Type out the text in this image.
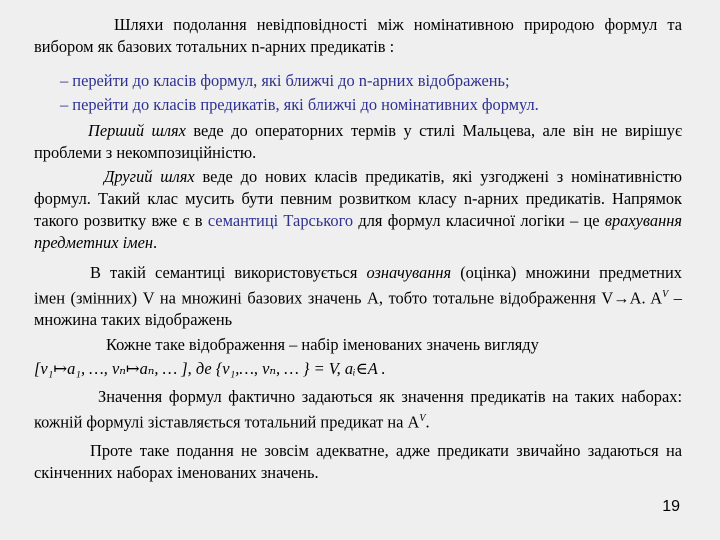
Шляхи подолання невідповідності між номінативною природою формул та вибором як базових тотальних n-арних предикатів :

– перейти до класів формул, які ближчі до n-арних відображень;

– перейти до класів предикатів, які ближчі до номінативних формул.

Перший шлях веде до операторних термів у стилі Мальцева, але він не вирішує проблеми з некомпозиційністю.

Другий шлях веде до нових класів предикатів, які узгоджені з номінативністю формул. Такий клас мусить бути певним розвитком класу n-арних предикатів. Напрямок такого розвитку вже є в семантиці Тарського для формул класичної логіки – це врахування предметних імен.

В такій семантиці використовується означування (оцінка) множини предметних імен (змінних) V на множині базових значень A, тобто тотальне відображення V→A. $A^V$ – множина таких відображень

Кожне таке відображення – набір іменованих значень вигляду

[v₁↦a₁, …, vₙ↦aₙ, … ], де {v₁,…, vₙ, … } = V, aᵢ∈A .

Значення формул фактично задаються як значення предикатів на таких наборах: кожній формулі зіставляється тотальний предикат на $A^V$.

Проте таке подання не зовсім адекватне, адже предикати звичайно задаються на скінченних наборах іменованих значень.

19
